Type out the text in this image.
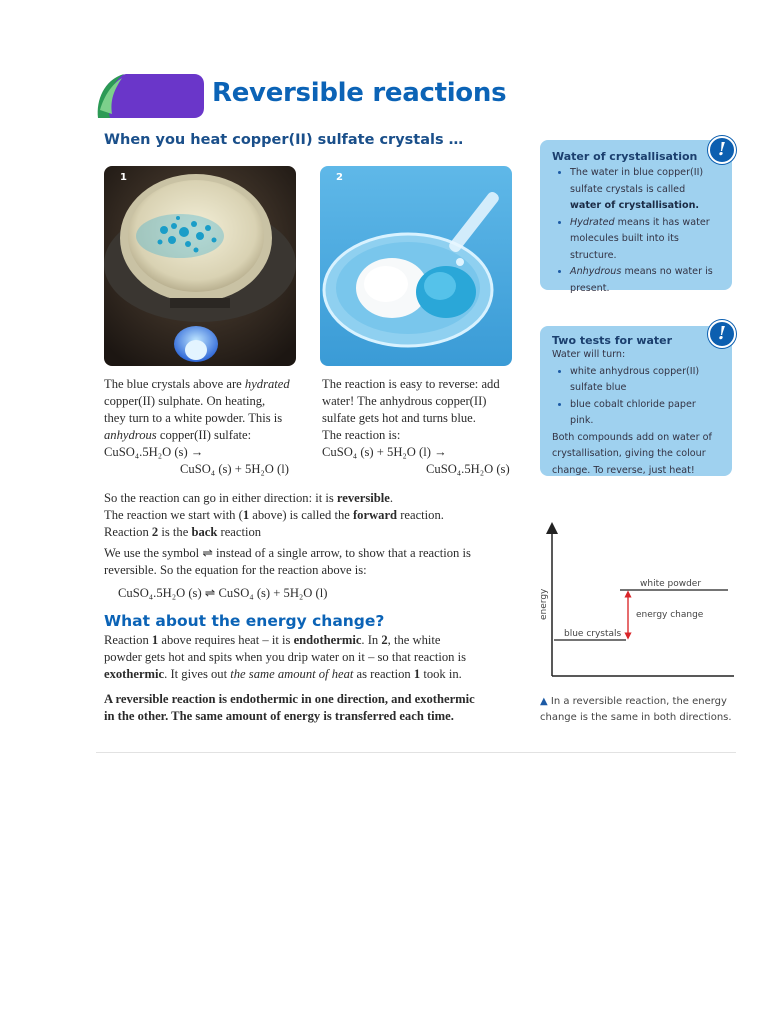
Reversible reactions
When you heat copper(II) sulfate crystals …
1	2

The blue crystals above are hydrated

copper(II) sulphate. On heating,

they turn to a white powder. This is

anhydrous copper(II) sulfate:

CuSO₄.5H₂O (s) →

CuSO₄ (s) + 5H₂O (l)

The reaction is easy to reverse: add

water! The anhydrous copper(II)

sulfate gets hot and turns blue.

The reaction is:

CuSO₄ (s) + 5H₂O (l) →

CuSO₄.5H₂O (s)

So the reaction can go in either direction: it is reversible.

The reaction we start with (1 above) is called the forward reaction.

Reaction 2 is the back reaction

We use the symbol ⇌ instead of a single arrow, to show that a reaction is

reversible. So the equation for the reaction above is:

CuSO₄.5H₂O (s) ⇌ CuSO₄ (s) + 5H₂O (l)

What about the energy change?

Reaction 1 above requires heat – it is endothermic. In 2, the white

powder gets hot and spits when you drip water on it – so that reaction is

exothermic. It gives out the same amount of heat as reaction 1 took in.

A reversible reaction is endothermic in one direction, and exothermic

in the other. The same amount of energy is transferred each time.

Water of crystallisation
• The water in blue copper(II)
sulfate crystals is called
water of crystallisation.
• Hydrated means it has water
molecules built into its structure.
• Anhydrous means no water is
present.
!
Two tests for water

Water will turn:

• white anhydrous copper(II)
sulfate blue
• blue cobalt chloride paper pink.

Both compounds add on water of

crystallisation, giving the colour

change. To reverse, just heat!

!
energy
white powder
blue crystals
energy change
▲ In a reversible reaction, the energy
change is the same in both directions.
